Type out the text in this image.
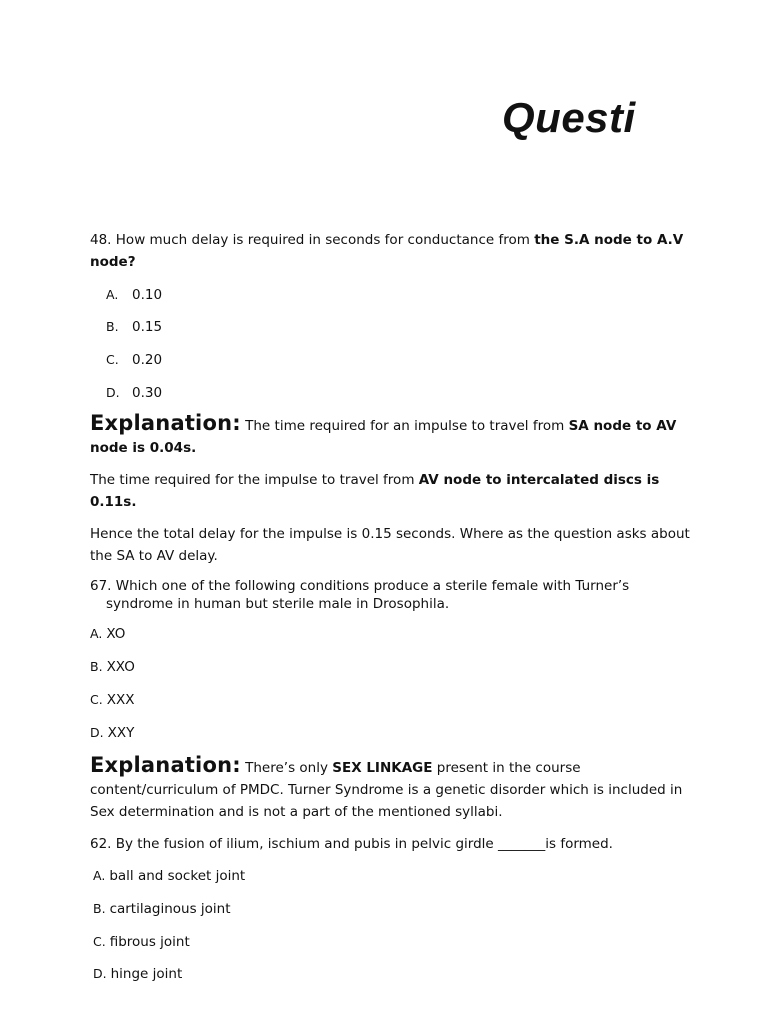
Questi

48. How much delay is required in seconds for conductance from the S.A node to A.V node?

A. 0.10
B. 0.15
C. 0.20
D. 0.30

Explanation: The time required for an impulse to travel from SA node to AV node is 0.04s.

The time required for the impulse to travel from AV node to intercalated discs is 0.11s.

Hence the total delay for the impulse is 0.15 seconds. Where as the question asks about the SA to AV delay.

67. Which one of the following conditions produce a sterile female with Turner’s syndrome in human but sterile male in Drosophila.

A. XO
B. XXO
C. XXX
D. XXY

Explanation: There’s only SEX LINKAGE present in the course content/curriculum of PMDC. Turner Syndrome is a genetic disorder which is included in Sex determination and is not a part of the mentioned syllabi.

62. By the fusion of ilium, ischium and pubis in pelvic girdle _______is formed.

A. ball and socket joint
B. cartilaginous joint
C. fibrous joint
D. hinge joint
